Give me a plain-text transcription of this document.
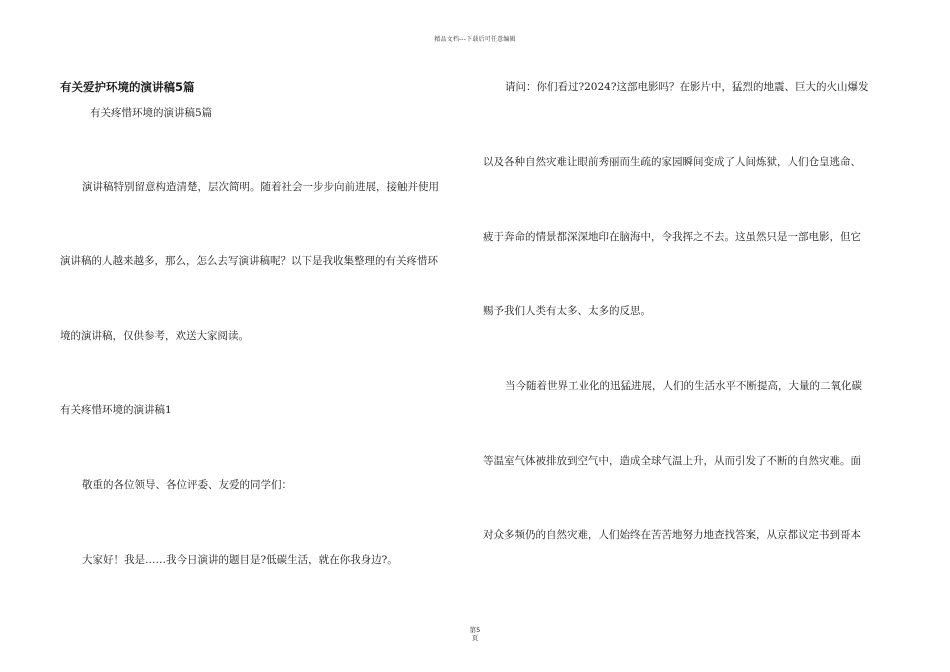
精品文档---下载后可任意编辑
有关爱护环境的演讲稿5篇
有关疼惜环境的演讲稿5篇
演讲稿特别留意构造清楚，层次简明。随着社会一步步向前进展，接触并使用
演讲稿的人越来越多，那么，怎么去写演讲稿呢？以下是我收集整理的有关疼惜环
境的演讲稿，仅供参考，欢送大家阅读。
有关疼惜环境的演讲稿1
敬重的各位领导、各位评委、友爱的同学们：
大家好！我是……我今日演讲的题目是?低碳生活，就在你我身边?。
请问：你们看过?2024?这部电影吗？在影片中，猛烈的地震、巨大的火山爆发
以及各种自然灾难让眼前秀丽而生疏的家园瞬间变成了人间炼狱，人们仓皇逃命、
疲于奔命的情景都深深地印在脑海中，令我挥之不去。这虽然只是一部电影，但它
赐予我们人类有太多、太多的反思。
当今随着世界工业化的迅猛进展，人们的生活水平不断提高，大量的二氧化碳
等温室气体被排放到空气中，造成全球气温上升，从而引发了不断的自然灾难。面
对众多频仍的自然灾难，人们始终在苦苦地努力地查找答案，从京都议定书到哥本
第5
页
